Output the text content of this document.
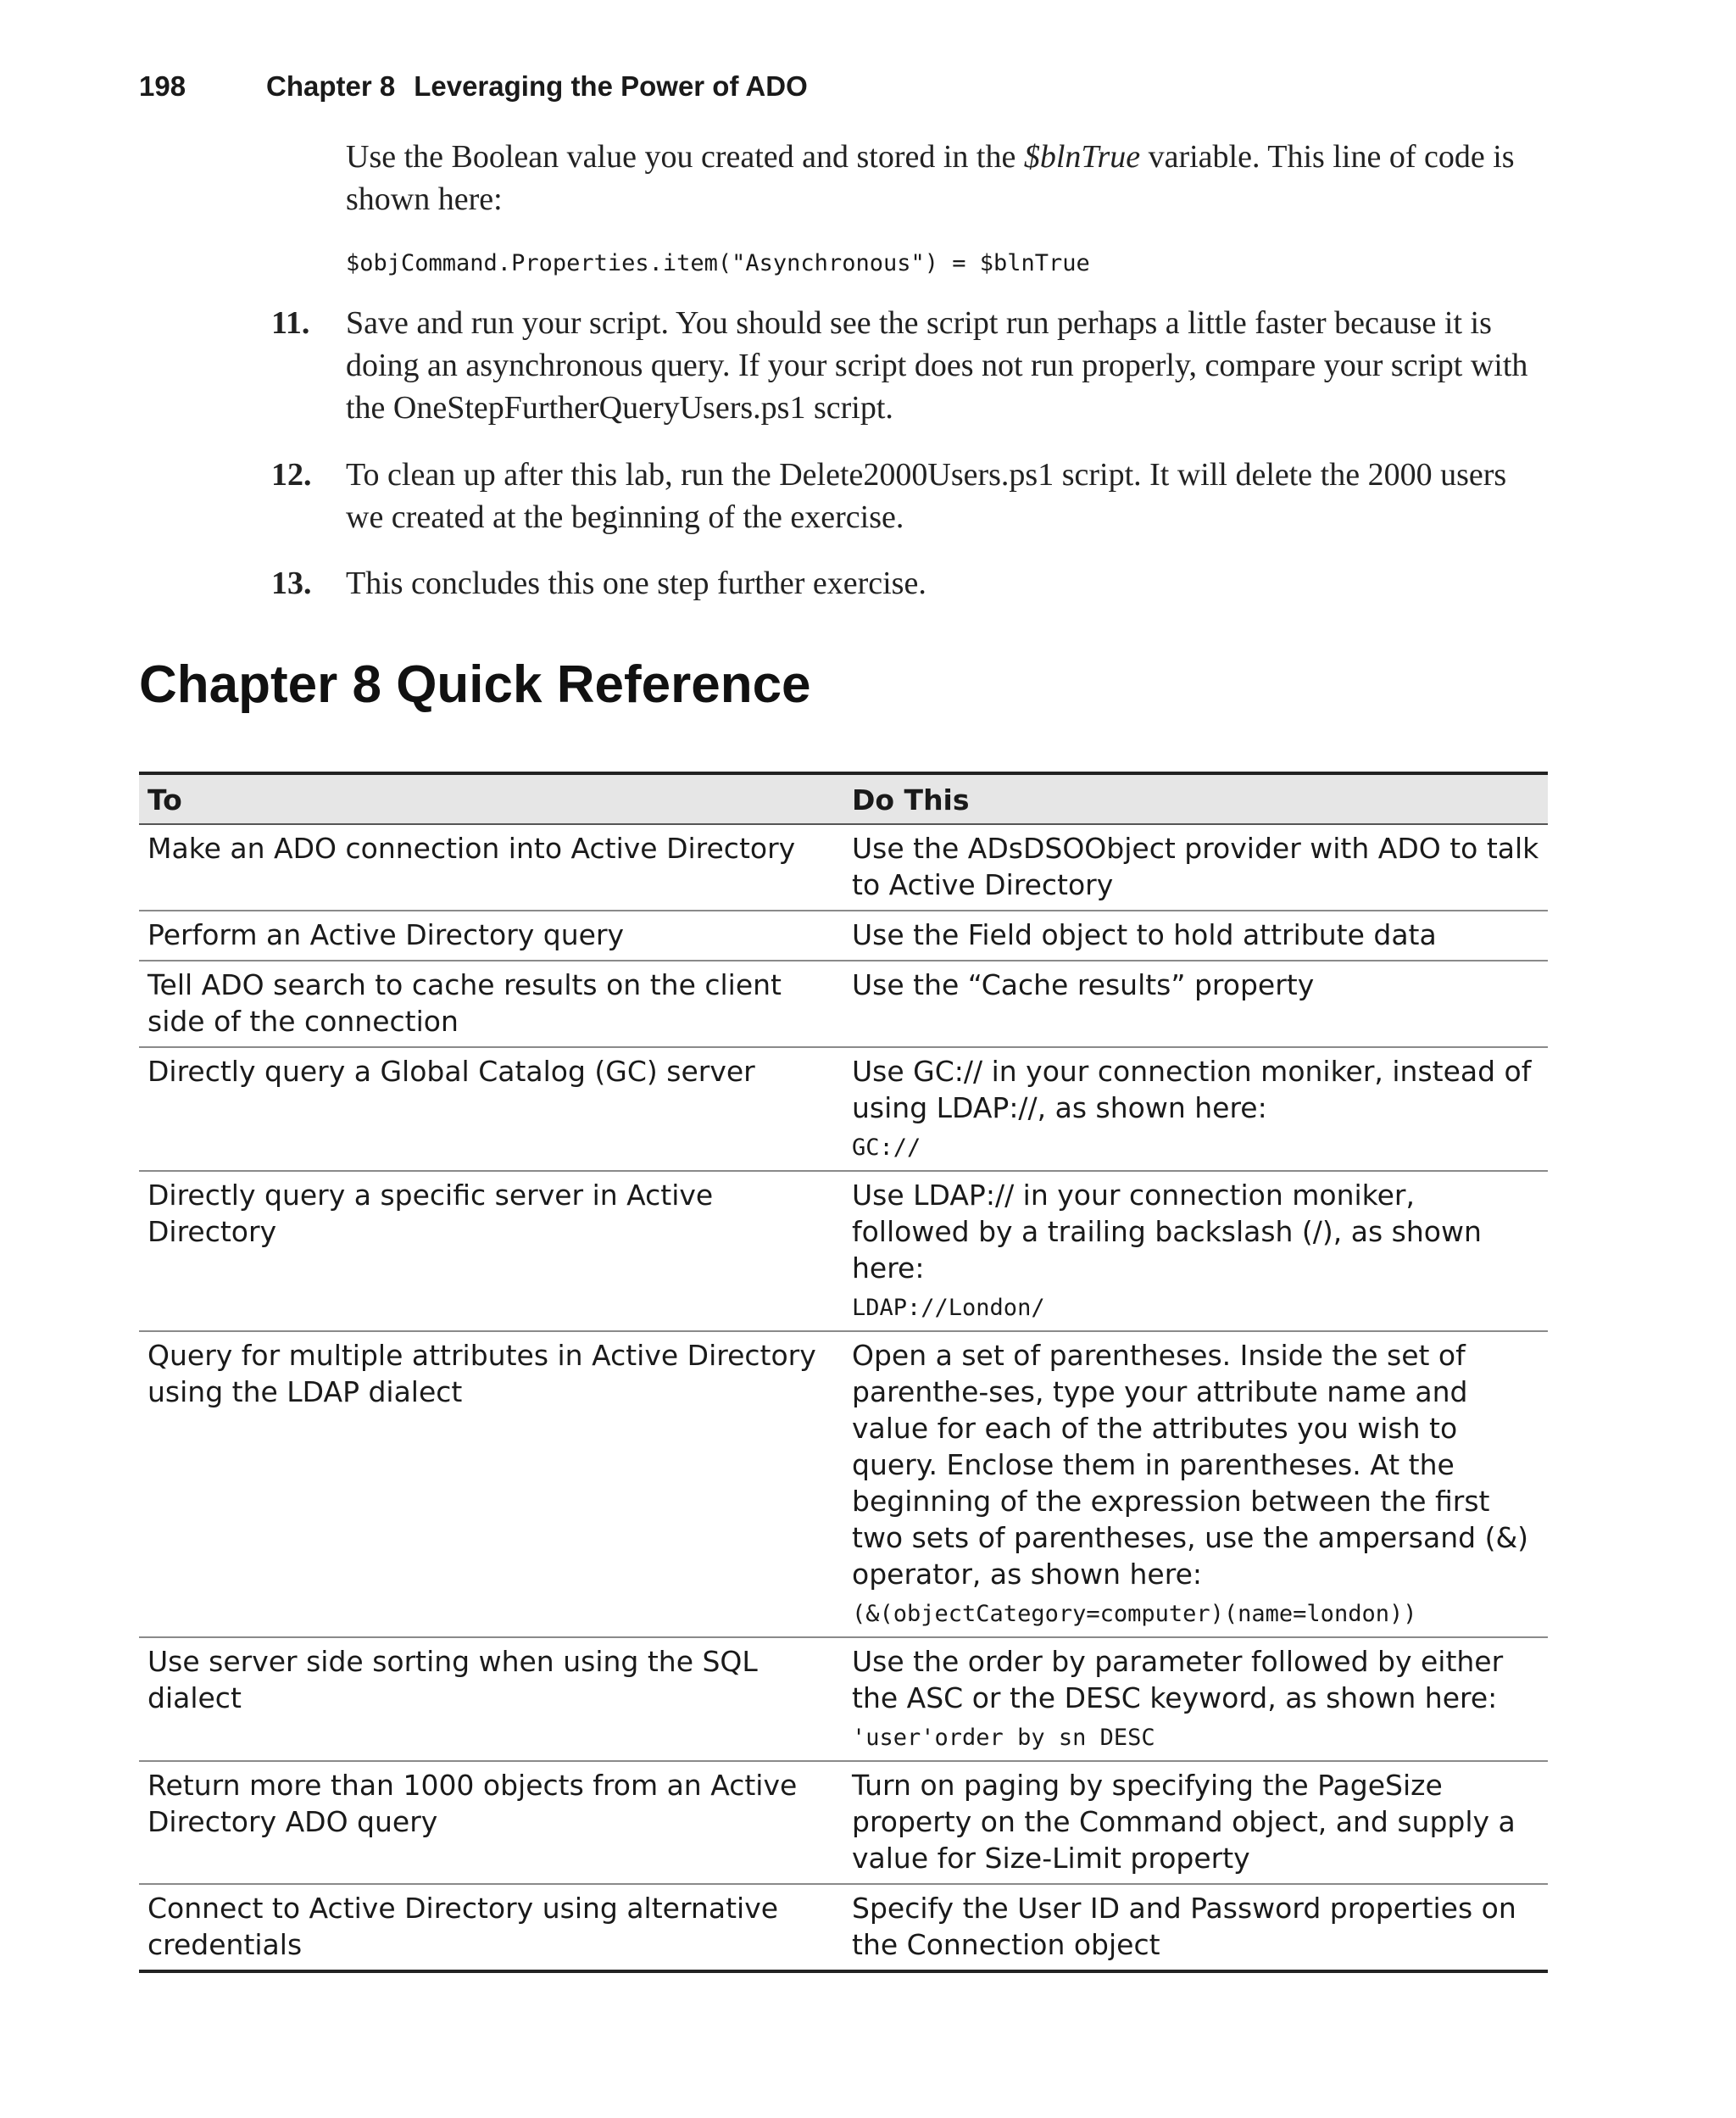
198	Chapter 8 Leveraging the Power of ADO

Use the Boolean value you created and stored in the $blnTrue variable. This line of code is shown here:

$objCommand.Properties.item("Asynchronous") = $blnTrue
11.	Save and run your script. You should see the script run perhaps a little faster because it is doing an asynchronous query. If your script does not run properly, compare your script with the OneStepFurtherQueryUsers.ps1 script.
12.	To clean up after this lab, run the Delete2000Users.ps1 script. It will delete the 2000 users we created at the beginning of the exercise.
13.	This concludes this one step further exercise.
Chapter 8 Quick Reference
To	Do This
Make an ADO connection into Active Directory	Use the ADsDSOObject provider with ADO to talk to Active Directory
Perform an Active Directory query	Use the Field object to hold attribute data
Tell ADO search to cache results on the client side of the connection	Use the “Cache results” property
Directly query a Global Catalog (GC) server	Use GC:// in your connection moniker, instead of using LDAP://, as shown here:
GC://

Directly query a specific server in Active Directory	Use LDAP:// in your connection moniker, followed by a trailing backslash (/), as shown here:
LDAP://London/

Query for multiple attributes in Active Directory using the LDAP dialect	Open a set of parentheses. Inside the set of parenthe-ses, type your attribute name and value for each of the attributes you wish to query. Enclose them in parentheses. At the beginning of the expression between the first two sets of parentheses, use the ampersand (&) operator, as shown here:
(&(objectCategory=computer)(name=london))

Use server side sorting when using the SQL dialect	Use the order by parameter followed by either the ASC or the DESC keyword, as shown here:
'user'order by sn DESC

Return more than 1000 objects from an Active Directory ADO query	Turn on paging by specifying the PageSize property on the Command object, and supply a value for Size-Limit property
Connect to Active Directory using alternative credentials	Specify the User ID and Password properties on the Connection object
